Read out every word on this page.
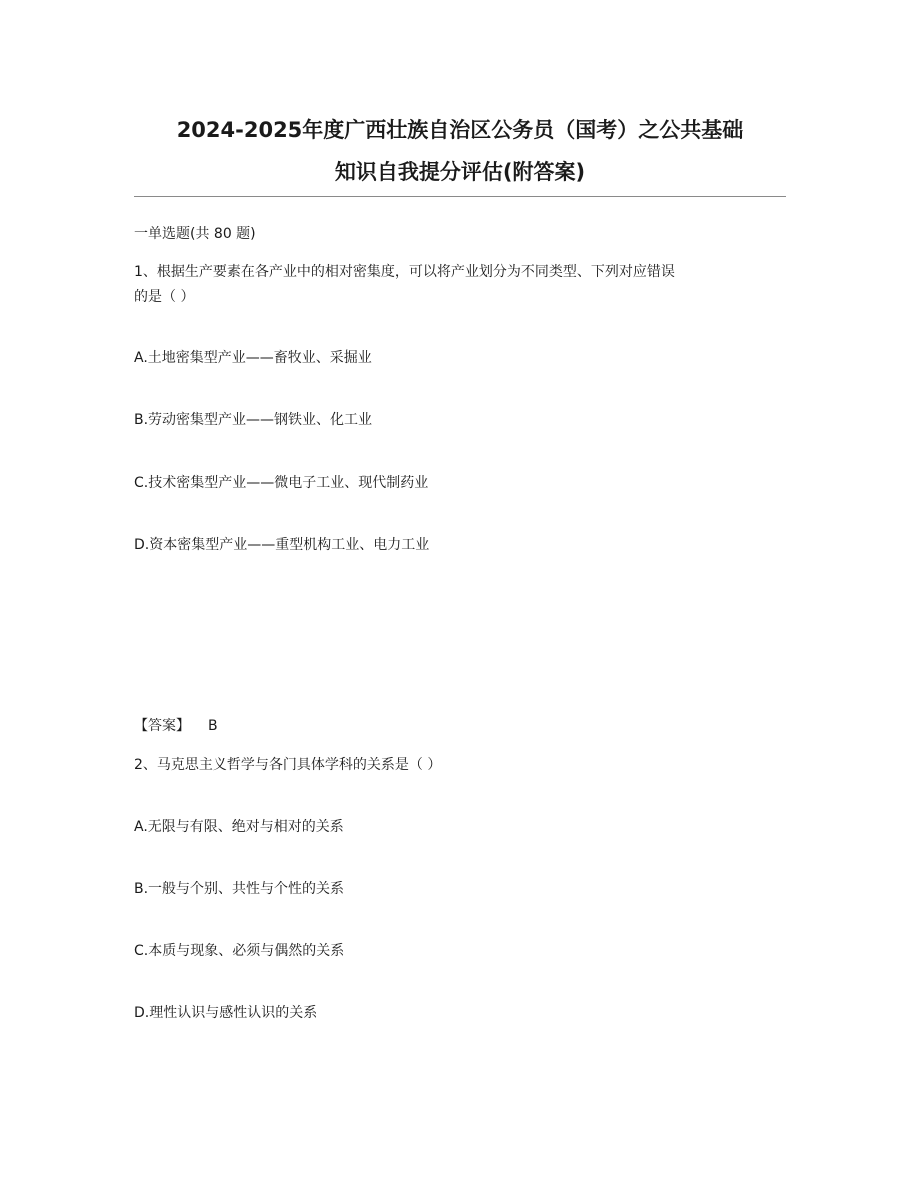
2024-2025年度广西壮族自治区公务员（国考）之公共基础
知识自我提分评估(附答案)
一单选题(共 80 题)
1、根据生产要素在各产业中的相对密集度，可以将产业划分为不同类型、下列对应错误
的是（ ）
A.土地密集型产业——畜牧业、采掘业
B.劳动密集型产业——钢铁业、化工业
C.技术密集型产业——微电子工业、现代制药业
D.资本密集型产业——重型机构工业、电力工业
【答案】 B
2、马克思主义哲学与各门具体学科的关系是（ ）
A.无限与有限、绝对与相对的关系
B.一般与个别、共性与个性的关系
C.本质与现象、必须与偶然的关系
D.理性认识与感性认识的关系
